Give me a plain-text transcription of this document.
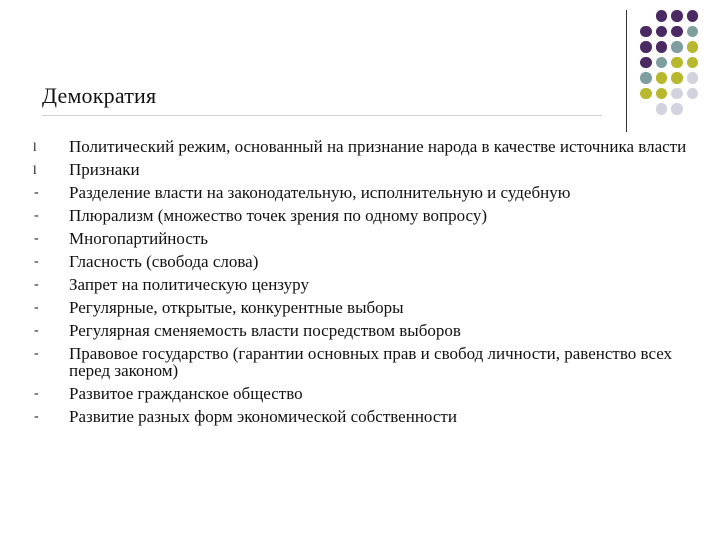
Демократия
l	Политический режим, основанный на признание народа в качестве источника власти
l	Признаки
-	Разделение власти на законодательную, исполнительную и судебную
-	Плюрализм (множество точек зрения по одному вопросу)
-	Многопартийность
-	Гласность (свобода слова)
-	Запрет на политическую цензуру
-	Регулярные, открытые, конкурентные выборы
-	Регулярная сменяемость власти посредством выборов
-	Правовое государство (гарантии основных прав и свобод личности, равенство всех перед законом)
-	Развитое гражданское общество
-	Развитие разных форм экономической собственности
